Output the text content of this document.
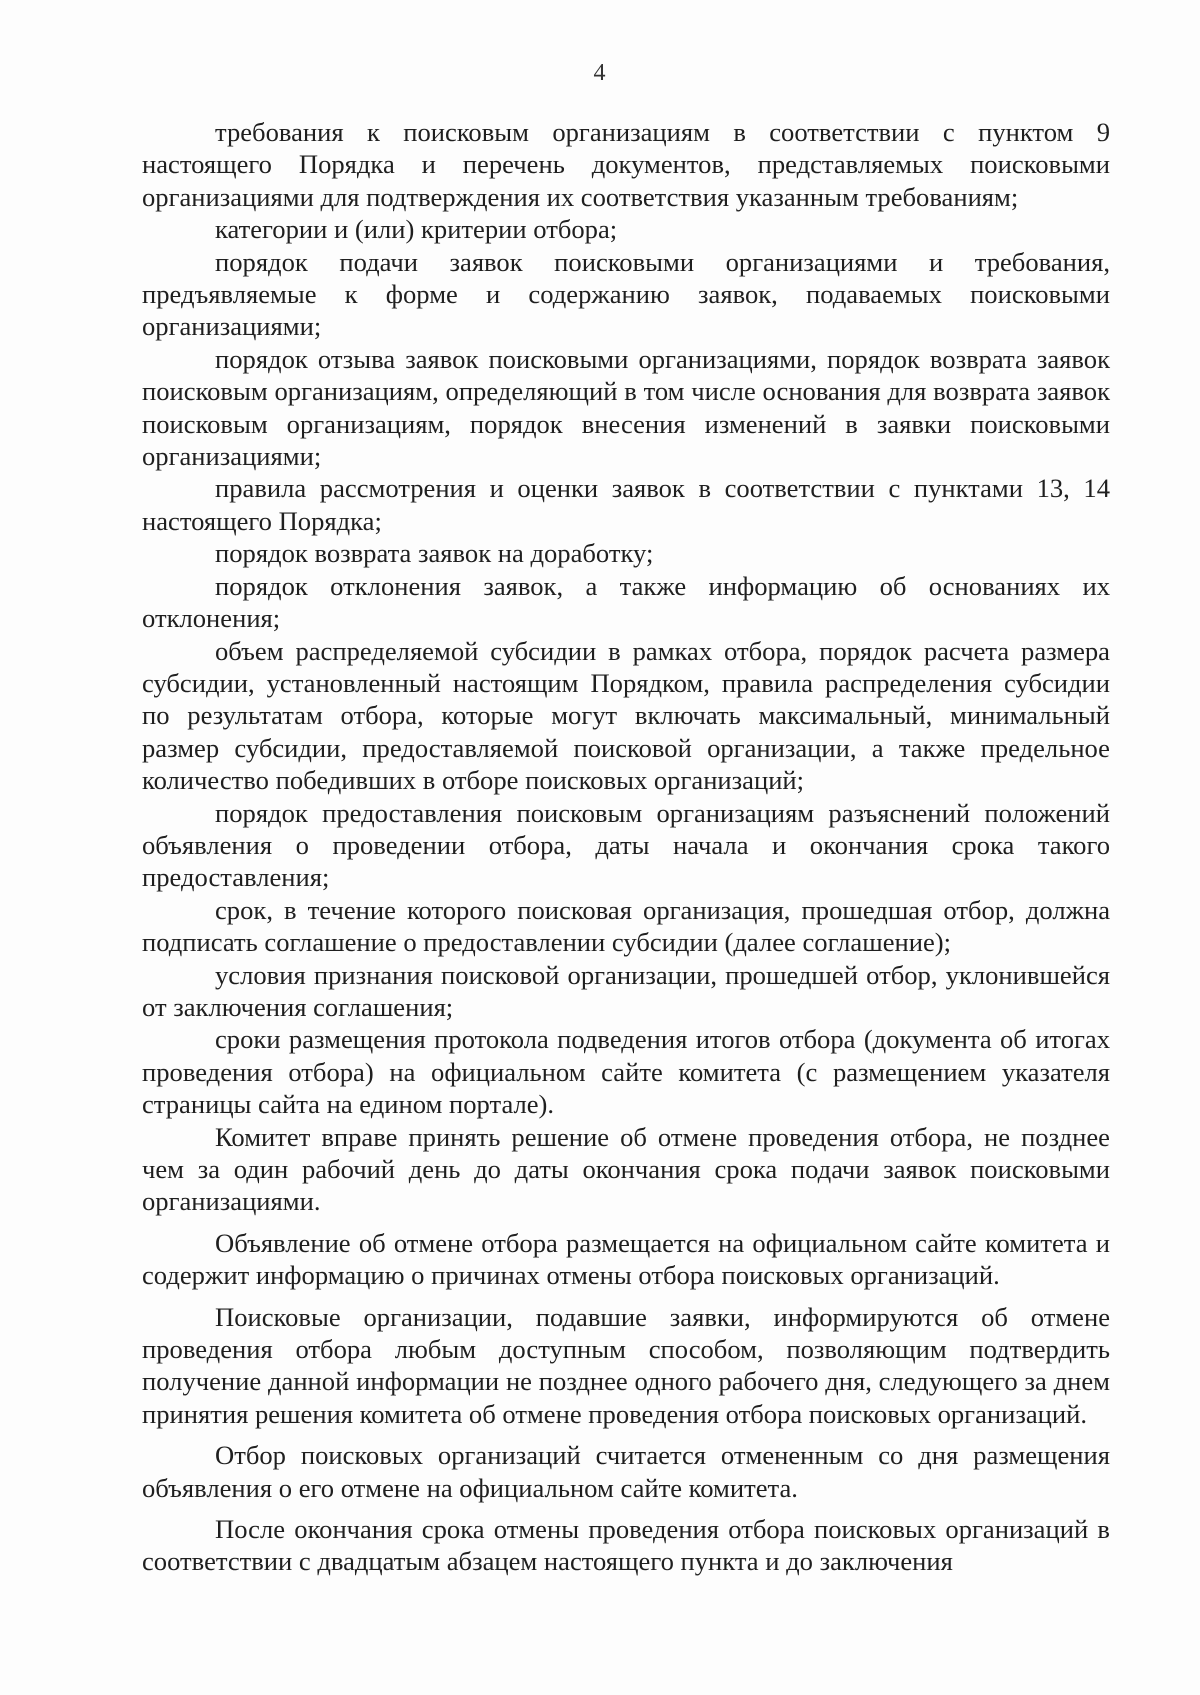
4

требования к поисковым организациям в соответствии с пунктом 9 настоящего Порядка и перечень документов, представляемых поисковыми организациями для подтверждения их соответствия указанным требованиям;

категории и (или) критерии отбора;

порядок подачи заявок поисковыми организациями и требования, предъявляемые к форме и содержанию заявок, подаваемых поисковыми организациями;

порядок отзыва заявок поисковыми организациями, порядок возврата заявок поисковым организациям, определяющий в том числе основания для возврата заявок поисковым организациям, порядок внесения изменений в заявки поисковыми организациями;

правила рассмотрения и оценки заявок в соответствии с пунктами 13, 14 настоящего Порядка;

порядок возврата заявок на доработку;

порядок отклонения заявок, а также информацию об основаниях их отклонения;

объем распределяемой субсидии в рамках отбора, порядок расчета размера субсидии, установленный настоящим Порядком, правила распределения субсидии по результатам отбора, которые могут включать максимальный, минимальный размер субсидии, предоставляемой поисковой организации, а также предельное количество победивших в отборе поисковых организаций;

порядок предоставления поисковым организациям разъяснений положений объявления о проведении отбора, даты начала и окончания срока такого предоставления;

срок, в течение которого поисковая организация, прошедшая отбор, должна подписать соглашение о предоставлении субсидии (далее соглашение);

условия признания поисковой организации, прошедшей отбор, уклонившейся от заключения соглашения;

сроки размещения протокола подведения итогов отбора (документа об итогах проведения отбора) на официальном сайте комитета (с размещением указателя страницы сайта на едином портале).

Комитет вправе принять решение об отмене проведения отбора, не позднее чем за один рабочий день до даты окончания срока подачи заявок поисковыми организациями.

Объявление об отмене отбора размещается на официальном сайте комитета и содержит информацию о причинах отмены отбора поисковых организаций.

Поисковые организации, подавшие заявки, информируются об отмене проведения отбора любым доступным способом, позволяющим подтвердить получение данной информации не позднее одного рабочего дня, следующего за днем принятия решения комитета об отмене проведения отбора поисковых организаций.

Отбор поисковых организаций считается отмененным со дня размещения объявления о его отмене на официальном сайте комитета.

После окончания срока отмены проведения отбора поисковых организаций в соответствии с двадцатым абзацем настоящего пункта и до заключения
